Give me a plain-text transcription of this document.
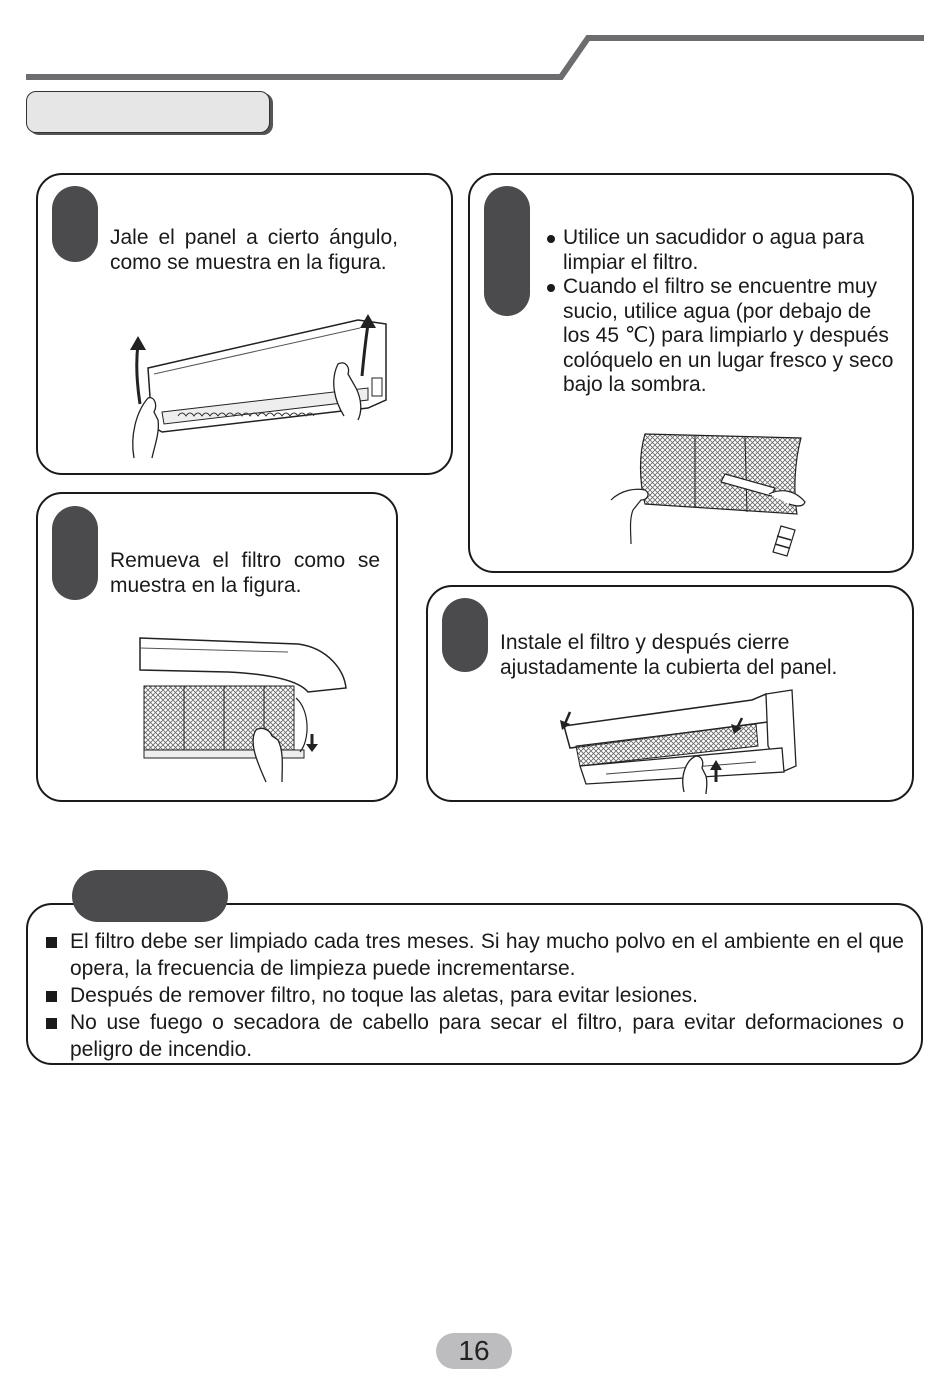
Jale el panel a cierto ángulo, como se muestra en la figura.
Remueva el filtro como se muestra en la figura.
Utilice un sacudidor o agua para limpiar el filtro.
Cuando el filtro se encuentre muy sucio, utilice agua (por debajo de los 45 ℃) para limpiarlo y después colóquelo en un lugar fresco y seco bajo la sombra.
Instale el filtro y después cierre ajustadamente la cubierta del panel.
El filtro debe ser limpiado cada tres meses. Si hay mucho polvo en el ambiente en el que opera, la frecuencia de limpieza puede incrementarse.
Después de remover filtro, no toque las aletas, para evitar lesiones.
No use fuego o secadora de cabello para secar el filtro, para evitar deformaciones o peligro de incendio.
16
